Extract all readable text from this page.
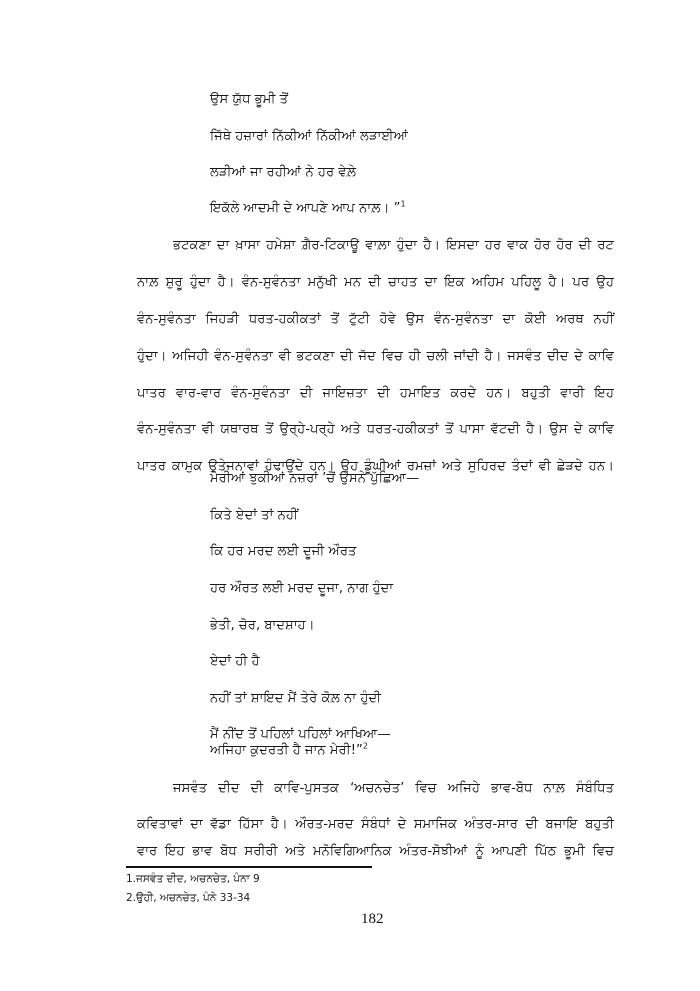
ਉਸ ਯੁੱਧ ਭੂਮੀ ਤੋਂ
ਜਿੱਥੇ ਹਜ਼ਾਰਾਂ ਨਿੱਕੀਆਂ ਨਿੱਕੀਆਂ ਲੜਾਈਆਂ
ਲੜੀਆਂ ਜਾ ਰਹੀਆਂ ਨੇ ਹਰ ਵੇਲ਼ੇ
ਇਕੱਲੇ ਆਦਮੀ ਦੇ ਆਪਣੇ ਆਪ ਨਾਲ਼। ”$^1$
ਭਟਕਣਾ ਦਾ ਖ਼ਾਸਾ ਹਮੇਸ਼ਾ ਗ਼ੈਰ-ਟਿਕਾਊ ਵਾਲ਼ਾ ਹੁੰਦਾ ਹੈ। ਇਸਦਾ ਹਰ ਵਾਕ ਹੋਰ ਹੋਰ ਦੀ ਰਟ
ਨਾਲ਼ ਸ਼ੁਰੂ ਹੁੰਦਾ ਹੈ। ਵੰਨ-ਸੁਵੰਨਤਾ ਮਨੁੱਖੀ ਮਨ ਦੀ ਚਾਹਤ ਦਾ ਇਕ ਅਹਿਮ ਪਹਿਲੂ ਹੈ। ਪਰ ਉਹ
ਵੰਨ-ਸੁਵੰਨਤਾ ਜਿਹੜੀ ਧਰਤ-ਹਕੀਕਤਾਂ ਤੋਂ ਟੁੱਟੀ ਹੋਵੇ ਉਸ ਵੰਨ-ਸੁਵੰਨਤਾ ਦਾ ਕੋਈ ਅਰਥ ਨਹੀਂ
ਹੁੰਦਾ। ਅਜਿਹੀ ਵੰਨ-ਸੁਵੰਨਤਾ ਵੀ ਭਟਕਣਾ ਦੀ ਜੱਦ ਵਿਚ ਹੀ ਚਲੀ ਜਾਂਦੀ ਹੈ। ਜਸਵੰਤ ਦੀਦ ਦੇ ਕਾਵਿ
ਪਾਤਰ ਵਾਰ-ਵਾਰ ਵੰਨ-ਸੁਵੰਨਤਾ ਦੀ ਜਾਇਜ਼ਤਾ ਦੀ ਹਮਾਇਤ ਕਰਦੇ ਹਨ। ਬਹੁਤੀ ਵਾਰੀ ਇਹ
ਵੰਨ-ਸੁਵੰਨਤਾ ਵੀ ਯਥਾਰਥ ਤੋਂ ਉਰ੍ਹੇ-ਪਰ੍ਹੇ ਅਤੇ ਧਰਤ-ਹਕੀਕਤਾਂ ਤੋਂ ਪਾਸਾ ਵੱਟਦੀ ਹੈ। ਉਸ ਦੇ ਕਾਵਿ
ਪਾਤਰ ਕਾਮੁਕ ਉਤੇਜਨਾਵਾਂ ਹੰਢਾਉਂਦੇ ਹਨ। ਉਹ ਡੂੰਘੀਆਂ ਰਮਜ਼ਾਂ ਅਤੇ ਸੁਹਿਰਦ ਤੰਦਾਂ ਵੀ ਛੇੜਦੇ ਹਨ।
ਮੇਰੀਆਂ ਝੁਕੀਆਂ ਨਜ਼ਰਾਂ ’ਚੋਂ ਉਸਨੇ ਪੁੱਛਿਆ—
ਕਿਤੇ ਏਦਾਂ ਤਾਂ ਨਹੀਂ
ਕਿ ਹਰ ਮਰਦ ਲਈ ਦੂਜੀ ਔਰਤ
ਹਰ ਔਰਤ ਲਈ ਮਰਦ ਦੂਜਾ, ਨਾਗ ਹੁੰਦਾ
ਭੇਤੀ, ਚੋਰ, ਬਾਦਸ਼ਾਹ।
ਏਦਾਂ ਹੀ ਹੈ
ਨਹੀਂ ਤਾਂ ਸ਼ਾਇਦ ਮੈਂ ਤੇਰੇ ਕੋਲ਼ ਨਾ ਹੁੰਦੀ
ਮੈਂ ਨੀਂਦ ਤੋਂ ਪਹਿਲਾਂ ਪਹਿਲਾਂ ਆਖਿਆ—
ਅਜਿਹਾ ਕੁਦਰਤੀ ਹੈ ਜਾਨ ਮੇਰੀ!”$^2$
ਜਸਵੰਤ ਦੀਦ ਦੀ ਕਾਵਿ-ਪੁਸਤਕ ‘ਅਚਨਚੇਤ’ ਵਿਚ ਅਜਿਹੇ ਭਾਵ-ਬੋਧ ਨਾਲ਼ ਸੰਬੰਧਿਤ
ਕਵਿਤਾਵਾਂ ਦਾ ਵੱਡਾ ਹਿੱਸਾ ਹੈ। ਔਰਤ-ਮਰਦ ਸੰਬੰਧਾਂ ਦੇ ਸਮਾਜਿਕ ਅੰਤਰ-ਸਾਰ ਦੀ ਬਜਾਇ ਬਹੁਤੀ
ਵਾਰ ਇਹ ਭਾਵ ਬੋਧ ਸਰੀਰੀ ਅਤੇ ਮਨੋਵਿਗਿਆਨਿਕ ਅੰਤਰ-ਸੋਝੀਆਂ ਨੂੰ ਆਪਣੀ ਪਿੱਠ ਭੂਮੀ ਵਿਚ
1.ਜਸਵੰਤ ਦੀਦ, ਅਚਨਚੇਤ, ਪੰਨਾ 9
2.ਉਹੀ, ਅਚਨਚੇਤ, ਪੰਨੇ 33-34
182
